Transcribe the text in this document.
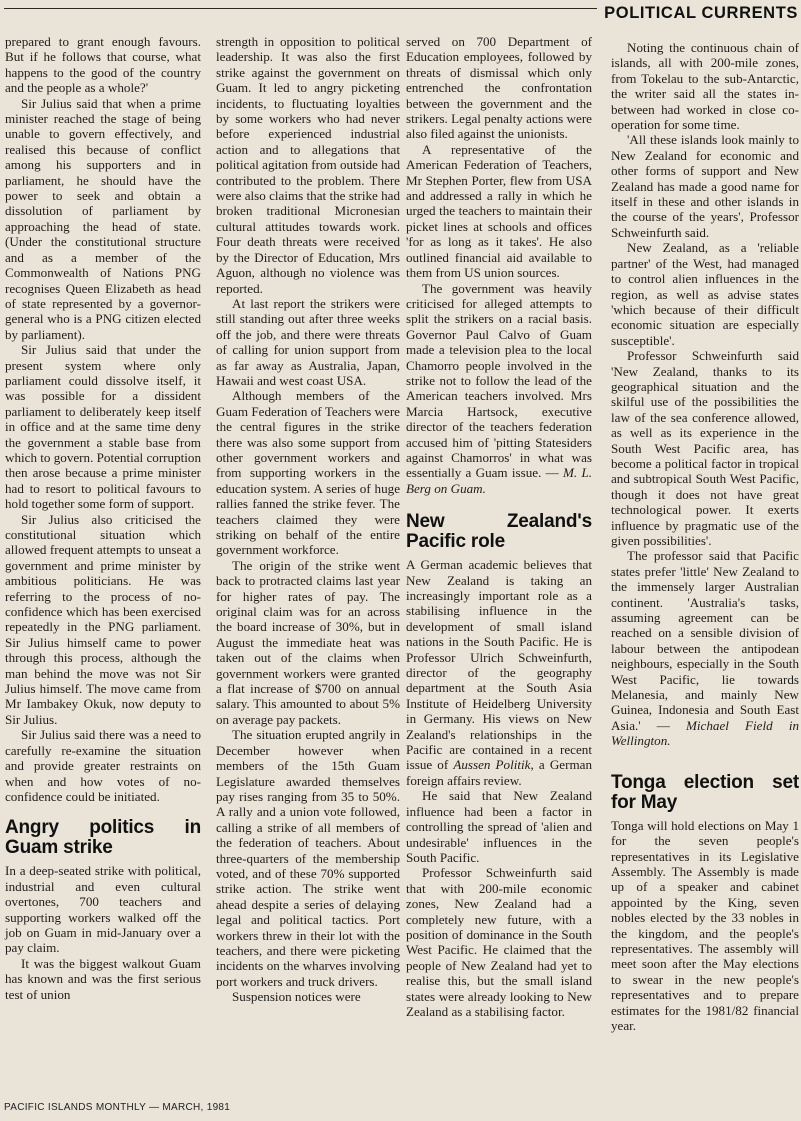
POLITICAL CURRENTS

prepared to grant enough favours. But if he follows that course, what happens to the good of the country and the people as a whole?'

Sir Julius said that when a prime minister reached the stage of being unable to govern effectively, and realised this because of conflict among his supporters and in parliament, he should have the power to seek and obtain a dissolution of parliament by approaching the head of state. (Under the constitutional structure and as a member of the Commonwealth of Nations PNG recognises Queen Elizabeth as head of state represented by a governor-general who is a PNG citizen elected by parliament).

Sir Julius said that under the present system where only parliament could dissolve itself, it was possible for a dissident parliament to deliberately keep itself in office and at the same time deny the government a stable base from which to govern. Potential corruption then arose because a prime minister had to resort to political favours to hold together some form of support.

Sir Julius also criticised the constitutional situation which allowed frequent attempts to unseat a government and prime minister by ambitious politicians. He was referring to the process of no-confidence which has been exercised repeatedly in the PNG parliament. Sir Julius himself came to power through this process, although the man behind the move was not Sir Julius himself. The move came from Mr Iambakey Okuk, now deputy to Sir Julius.

Sir Julius said there was a need to carefully re-examine the situation and provide greater restraints on when and how votes of no-confidence could be initiated.

Angry politics in Guam strike

In a deep-seated strike with political, industrial and even cultural overtones, 700 teachers and supporting workers walked off the job on Guam in mid-January over a pay claim.

It was the biggest walkout Guam has known and was the first serious test of union

strength in opposition to political leadership. It was also the first strike against the government on Guam. It led to angry picketing incidents, to fluctuating loyalties by some workers who had never before experienced industrial action and to allegations that political agitation from outside had contributed to the problem. There were also claims that the strike had broken traditional Micronesian cultural attitudes towards work. Four death threats were received by the Director of Education, Mrs Aguon, although no violence was reported.

At last report the strikers were still standing out after three weeks off the job, and there were threats of calling for union support from as far away as Australia, Japan, Hawaii and west coast USA.

Although members of the Guam Federation of Teachers were the central figures in the strike there was also some support from other government workers and from supporting workers in the education system. A series of huge rallies fanned the strike fever. The teachers claimed they were striking on behalf of the entire government workforce.

The origin of the strike went back to protracted claims last year for higher rates of pay. The original claim was for an across the board increase of 30%, but in August the immediate heat was taken out of the claims when government workers were granted a flat increase of $700 on annual salary. This amounted to about 5% on average pay packets.

The situation erupted angrily in December however when members of the 15th Guam Legislature awarded themselves pay rises ranging from 35 to 50%. A rally and a union vote followed, calling a strike of all members of the federation of teachers. About three-quarters of the membership voted, and of these 70% supported strike action. The strike went ahead despite a series of delaying legal and political tactics. Port workers threw in their lot with the teachers, and there were picketing incidents on the wharves involving port workers and truck drivers.

Suspension notices were

served on 700 Department of Education employees, followed by threats of dismissal which only entrenched the confrontation between the government and the strikers. Legal penalty actions were also filed against the unionists.

A representative of the American Federation of Teachers, Mr Stephen Porter, flew from USA and addressed a rally in which he urged the teachers to maintain their picket lines at schools and offices 'for as long as it takes'. He also outlined financial aid available to them from US union sources.

The government was heavily criticised for alleged attempts to split the strikers on a racial basis. Governor Paul Calvo of Guam made a television plea to the local Chamorro people involved in the strike not to follow the lead of the American teachers involved. Mrs Marcia Hartsock, executive director of the teachers federation accused him of 'pitting Statesiders against Chamorros' in what was essentially a Guam issue. — M. L. Berg on Guam.

New Zealand's Pacific role

A German academic believes that New Zealand is taking an increasingly important role as a stabilising influence in the development of small island nations in the South Pacific. He is Professor Ulrich Schweinfurth, director of the geography department at the South Asia Institute of Heidelberg University in Germany. His views on New Zealand's relationships in the Pacific are contained in a recent issue of Aussen Politik, a German foreign affairs review.

He said that New Zealand influence had been a factor in controlling the spread of 'alien and undesirable' influences in the South Pacific.

Professor Schweinfurth said that with 200-mile economic zones, New Zealand had a completely new future, with a position of dominance in the South West Pacific. He claimed that the people of New Zealand had yet to realise this, but the small island states were already looking to New Zealand as a stabilising factor.

Noting the continuous chain of islands, all with 200-mile zones, from Tokelau to the sub-Antarctic, the writer said all the states in-between had worked in close co-operation for some time.

'All these islands look mainly to New Zealand for economic and other forms of support and New Zealand has made a good name for itself in these and other islands in the course of the years', Professor Schweinfurth said.

New Zealand, as a 'reliable partner' of the West, had managed to control alien influences in the region, as well as advise states 'which because of their difficult economic situation are especially susceptible'.

Professor Schweinfurth said 'New Zealand, thanks to its geographical situation and the skilful use of the possibilities the law of the sea conference allowed, as well as its experience in the South West Pacific area, has become a political factor in tropical and subtropical South West Pacific, though it does not have great technological power. It exerts influence by pragmatic use of the given possibilities'.

The professor said that Pacific states prefer 'little' New Zealand to the immensely larger Australian continent. 'Australia's tasks, assuming agreement can be reached on a sensible division of labour between the antipodean neighbours, especially in the South West Pacific, lie towards Melanesia, and mainly New Guinea, Indonesia and South East Asia.' — Michael Field in Wellington.

Tonga election set for May

Tonga will hold elections on May 1 for the seven people's representatives in its Legislative Assembly. The Assembly is made up of a speaker and cabinet appointed by the King, seven nobles elected by the 33 nobles in the kingdom, and the people's representatives. The assembly will meet soon after the May elections to swear in the new people's representatives and to prepare estimates for the 1981/82 financial year.

PACIFIC ISLANDS MONTHLY — MARCH, 1981
